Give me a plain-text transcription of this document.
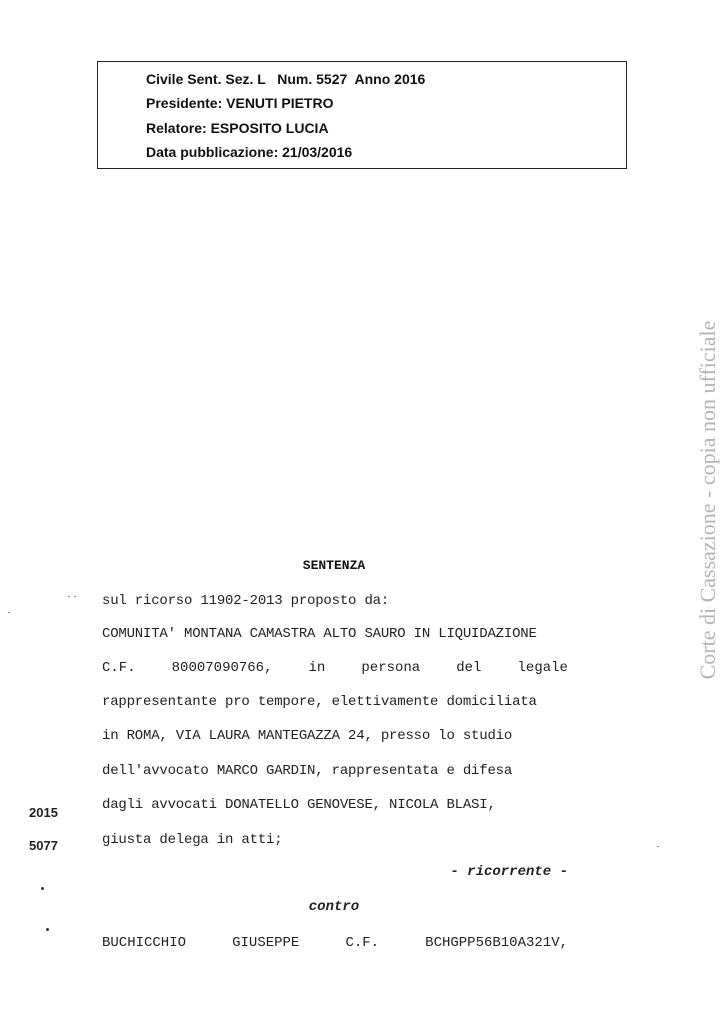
Civile Sent. Sez. L   Num. 5527  Anno 2016
Presidente: VENUTI PIETRO
Relatore: ESPOSITO LUCIA
Data pubblicazione: 21/03/2016
Corte di Cassazione - copia non ufficiale
SENTENZA
sul ricorso 11902-2013 proposto da:
COMUNITA' MONTANA CAMASTRA ALTO SAURO IN LIQUIDAZIONE
C.F.	80007090766,	in	persona	del	legale
rappresentante pro tempore, elettivamente domiciliata
in ROMA, VIA LAURA MANTEGAZZA 24, presso lo studio
dell'avvocato MARCO GARDIN, rappresentata e difesa
dagli avvocati DONATELLO GENOVESE, NICOLA BLASI,
giusta delega in atti;
- ricorrente -
contro
BUCHICCHIO	GIUSEPPE	C.F.	BCHGPP56B10A321V,
2015
5077
